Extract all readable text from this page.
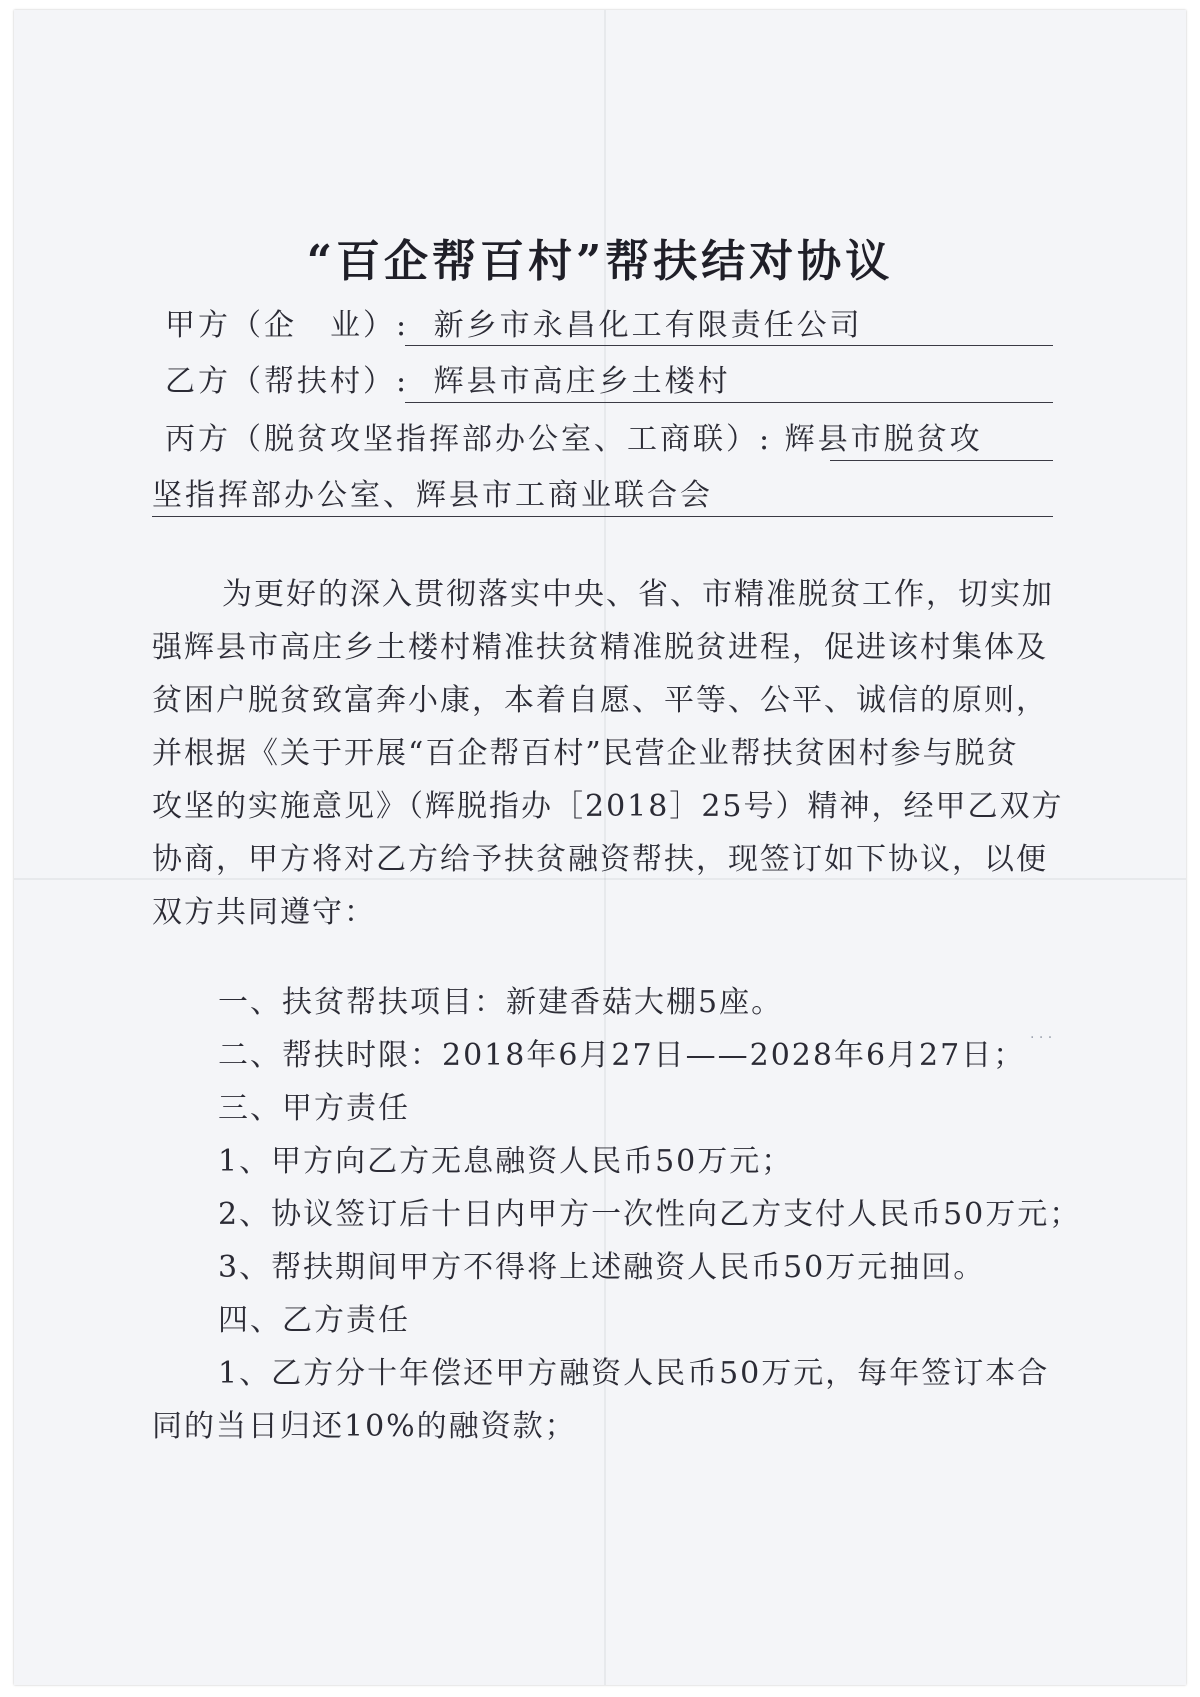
“百企帮百村”帮扶结对协议
甲方（企　业）: 新乡市永昌化工有限责任公司
乙方（帮扶村）: 辉县市高庄乡土楼村
丙方（脱贫攻坚指挥部办公室、工商联）: 辉县市脱贫攻
坚指挥部办公室、辉县市工商业联合会
为更好的深入贯彻落实中央、省、市精准脱贫工作，切实加
强辉县市高庄乡土楼村精准扶贫精准脱贫进程，促进该村集体及
贫困户脱贫致富奔小康，本着自愿、平等、公平、诚信的原则，
并根据《关于开展“百企帮百村”民营企业帮扶贫困村参与脱贫
攻坚的实施意见》（辉脱指办［2018］25号）精神，经甲乙双方
协商，甲方将对乙方给予扶贫融资帮扶，现签订如下协议，以便
双方共同遵守：
一、扶贫帮扶项目：新建香菇大棚5座。
二、帮扶时限：2018年6月27日——2028年6月27日；
三、甲方责任
1、甲方向乙方无息融资人民币50万元；
2、协议签订后十日内甲方一次性向乙方支付人民币50万元；
3、帮扶期间甲方不得将上述融资人民币50万元抽回。
四、乙方责任
1、乙方分十年偿还甲方融资人民币50万元，每年签订本合
同的当日归还10%的融资款；
· · ·
